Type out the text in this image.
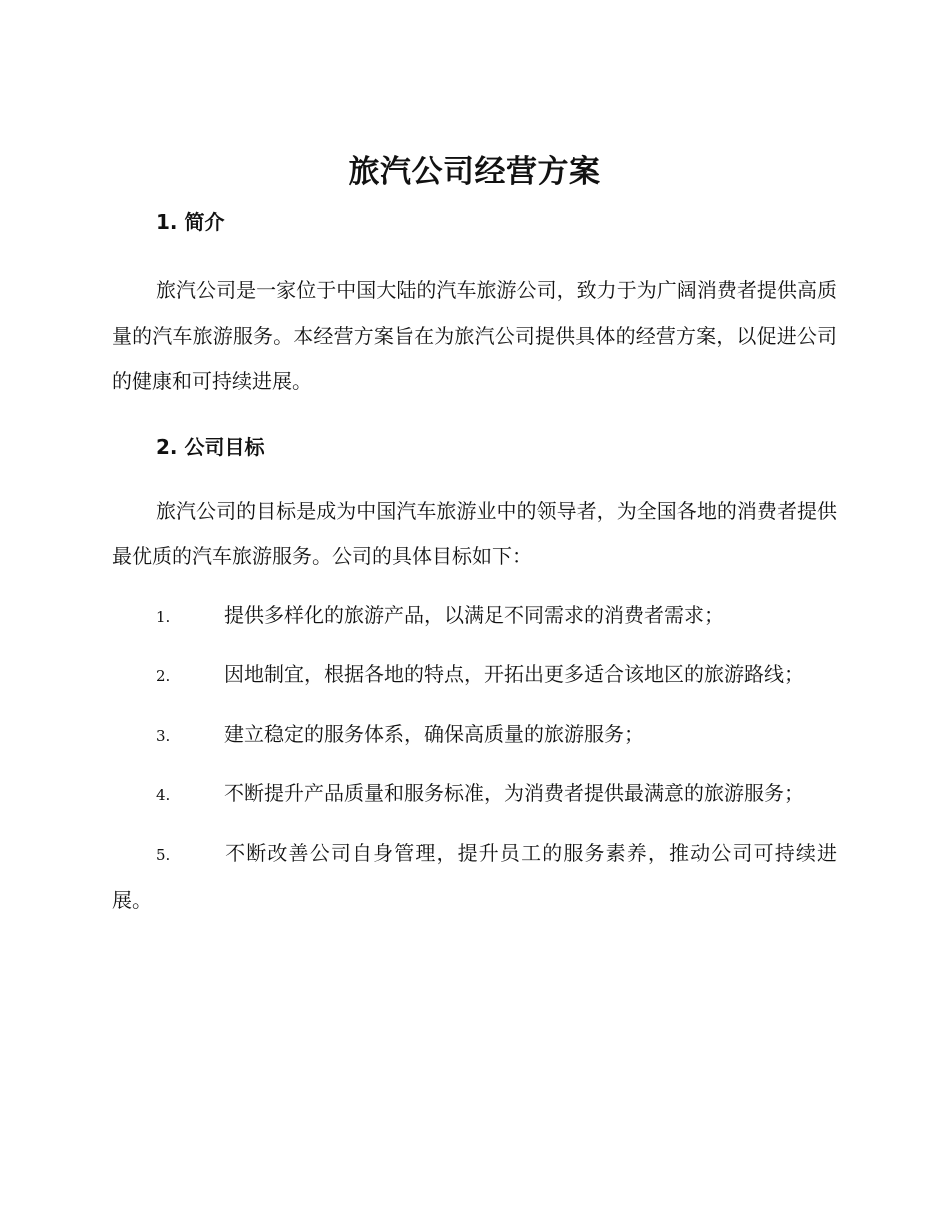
旅汽公司经营方案
1. 简介

旅汽公司是一家位于中国大陆的汽车旅游公司，致力于为广阔消费者提供高质量的汽车旅游服务。本经营方案旨在为旅汽公司提供具体的经营方案，以促进公司的健康和可持续进展。

2. 公司目标

旅汽公司的目标是成为中国汽车旅游业中的领导者，为全国各地的消费者提供最优质的汽车旅游服务。公司的具体目标如下：

1.	提供多样化的旅游产品，以满足不同需求的消费者需求；
2.	因地制宜，根据各地的特点，开拓出更多适合该地区的旅游路线；
3.	建立稳定的服务体系，确保高质量的旅游服务；
4.	不断提升产品质量和服务标准，为消费者提供最满意的旅游服务；
5.	不断改善公司自身管理，提升员工的服务素养，推动公司可持续进展。
